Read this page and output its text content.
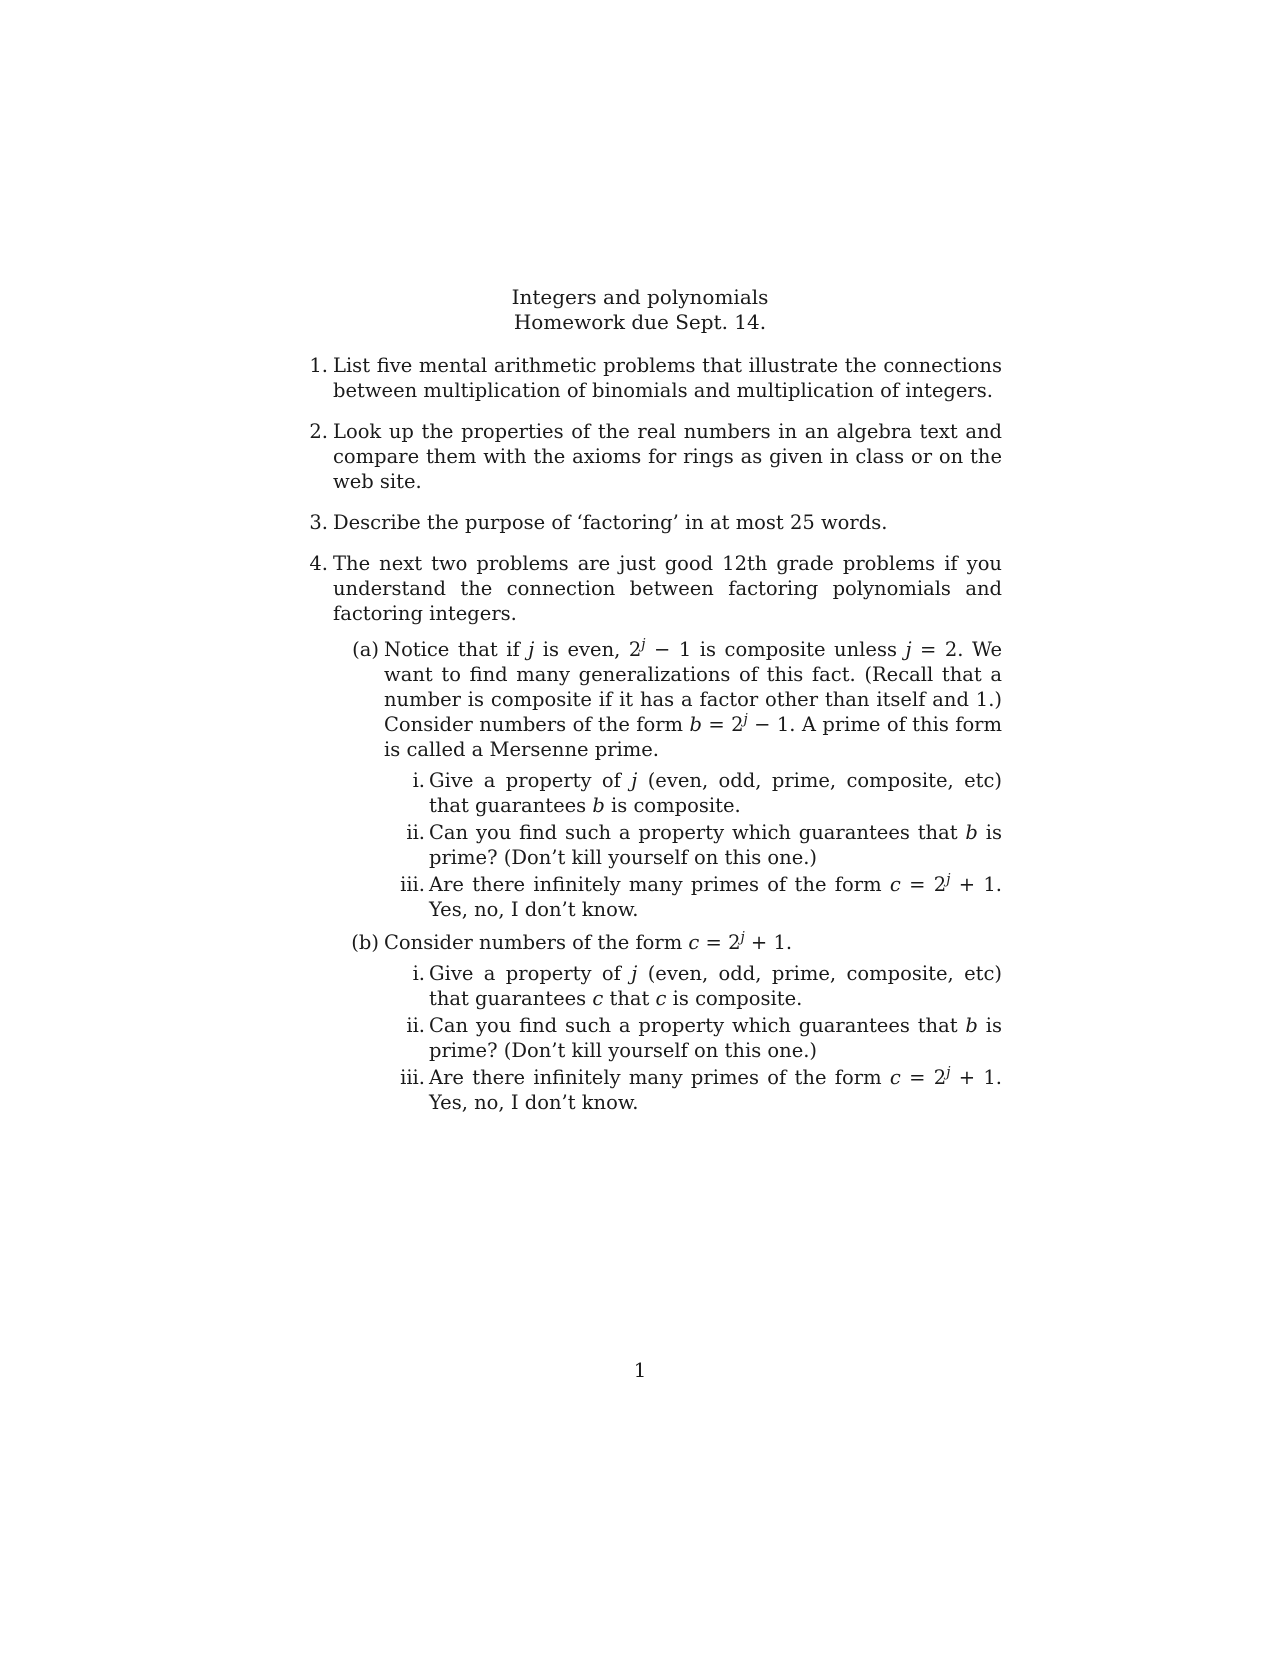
Integers and polynomials
Homework due Sept. 14.
1. List five mental arithmetic problems that illustrate the connections between multiplication of binomials and multiplication of integers.
2. Look up the properties of the real numbers in an algebra text and compare them with the axioms for rings as given in class or on the web site.
3. Describe the purpose of ‘factoring’ in at most 25 words.
4. The next two problems are just good 12th grade problems if you understand the connection between factoring polynomials and factoring integers.
(a) Notice that if j is even, $2^j - 1$ is composite unless j = 2. We want to find many generalizations of this fact. (Recall that a number is composite if it has a factor other than itself and 1.) Consider numbers of the form $b = 2^j - 1$. A prime of this form is called a Mersenne prime.
i. Give a property of j (even, odd, prime, composite, etc) that guarantees b is composite.
ii. Can you find such a property which guarantees that b is prime? (Don’t kill yourself on this one.)
iii. Are there infinitely many primes of the form $c = 2^j + 1$. Yes, no, I don’t know.
(b) Consider numbers of the form $c = 2^j + 1$.
i. Give a property of j (even, odd, prime, composite, etc) that guarantees c that c is composite.
ii. Can you find such a property which guarantees that b is prime? (Don’t kill yourself on this one.)
iii. Are there infinitely many primes of the form $c = 2^j + 1$. Yes, no, I don’t know.
1
